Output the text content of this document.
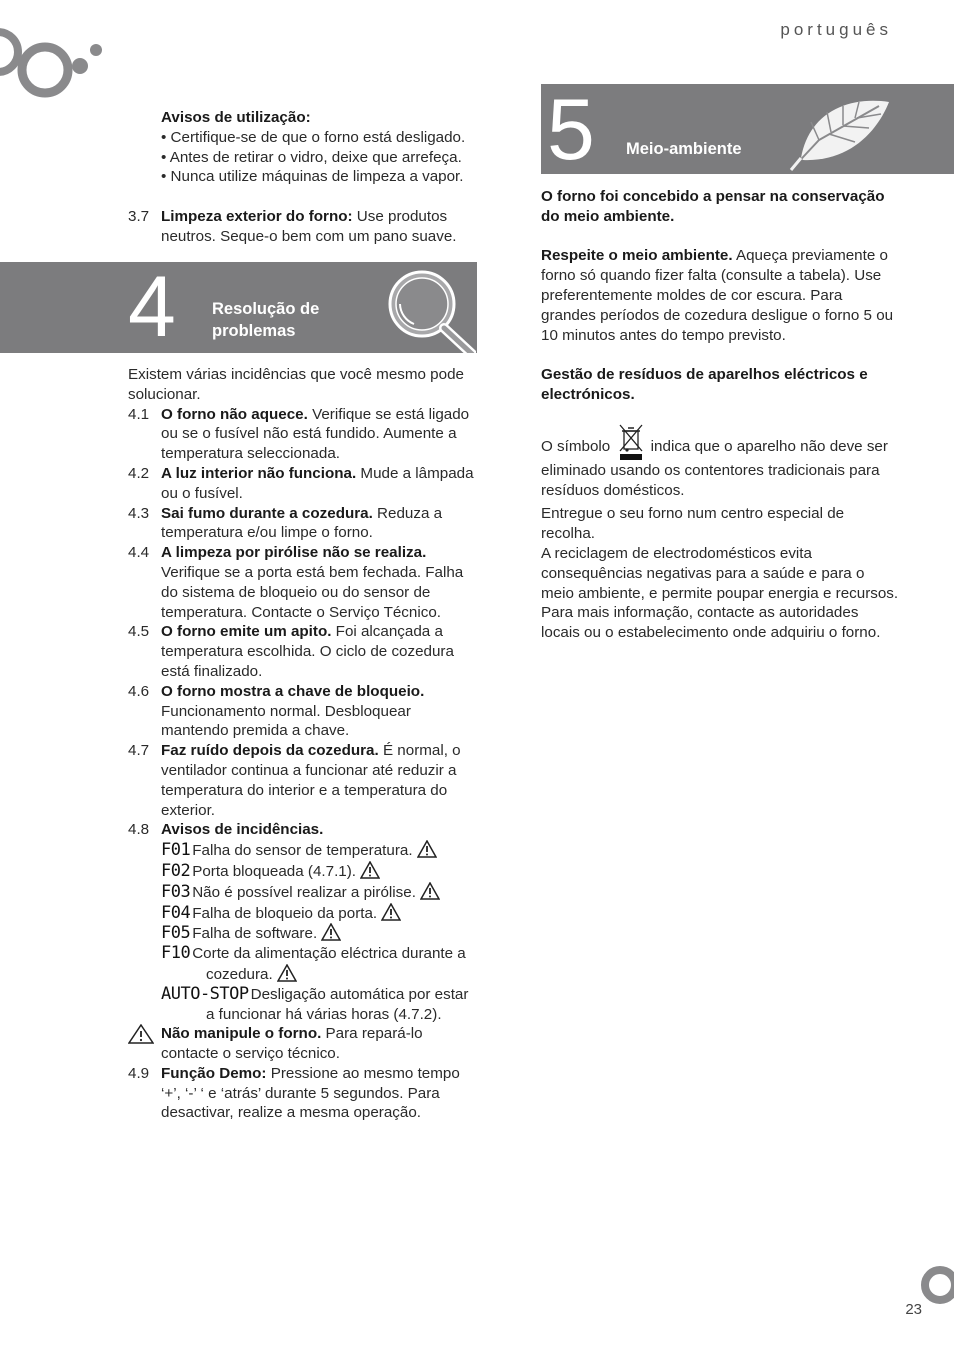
português

Avisos de utilização:

• Certifique-se de que o forno está desligado.

• Antes de retirar o vidro, deixe que arrefeça.

• Nunca utilize máquinas de limpeza a vapor.

3.7 Limpeza exterior do forno: Use produtos neutros. Seque-o bem com um pano suave.
4 Resolução de
problemas

Existem várias incidências que você mesmo pode solucionar.

4.1 O forno não aquece. Verifique se está ligado ou se o fusível não está fundido. Aumente a temperatura seleccionada.
4.2 A luz interior não funciona. Mude a lâmpada ou o fusível.
4.3 Sai fumo durante a cozedura. Reduza a temperatura e/ou limpe o forno.
4.4 A limpeza por pirólise não se realiza. Verifique se a porta está bem fechada. Falha do sistema de bloqueio ou do sensor de temperatura. Contacte o Serviço Técnico.
4.5 O forno emite um apito. Foi alcançada a temperatura escolhida. O ciclo de cozedura está finalizado.
4.6 O forno mostra a chave de bloqueio. Funcionamento normal. Desbloquear mantendo premida a chave.
4.7 Faz ruído depois da cozedura. É normal, o ventilador continua a funcionar até reduzir a temperatura do interior e a temperatura do exterior.
4.8 Avisos de incidências.
F01 Falha do sensor de temperatura.
F02 Porta bloqueada (4.7.1).
F03 Não é possível realizar a pirólise.
F04 Falha de bloqueio da porta.
F05 Falha de software.
F10 Corte da alimentação eléctrica durante a cozedura.
AUTO-STOP Desligação automática por estar a funcionar há várias horas (4.7.2).
Não manipule o forno. Para repará-lo contacte o serviço técnico.
4.9 Função Demo: Pressione ao mesmo tempo ‘+’, ‘-’ ‘ e ‘atrás’ durante 5 segundos. Para desactivar, realize a mesma operação.
5 Meio-ambiente

O forno foi concebido a pensar na conservação do meio ambiente.

Respeite o meio ambiente. Aqueça previamente o forno só quando fizer falta (consulte a tabela). Use preferentemente moldes de cor escura. Para grandes períodos de cozedura desligue o forno 5 ou 10 minutos antes do tempo previsto.

Gestão de resíduos de aparelhos eléctricos e electrónicos.

O símbolo  indica que o aparelho não deve ser eliminado usando os contentores tradicionais para resíduos domésticos.

Entregue o seu forno num centro especial de recolha.

A reciclagem de electrodomésticos evita consequências negativas para a saúde e para o meio ambiente, e permite poupar energia e recursos.

Para mais informação, contacte as autoridades locais ou o estabelecimento onde adquiriu o forno.

23
